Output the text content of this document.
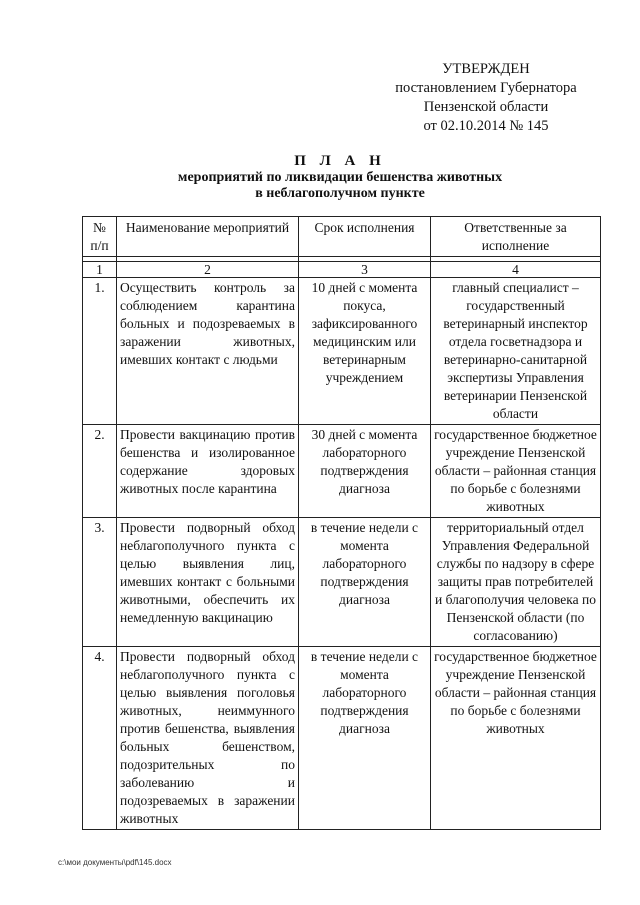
УТВЕРЖДЕН
постановлением Губернатора
Пензенской области
от 02.10.2014 № 145
П Л А Н
мероприятий по ликвидации бешенства животных
в неблагополучном пункте
№ п/п	Наименование мероприятий	Срок исполнения	Ответственные за исполнение

1	2	3	4
1.	Осуществить контроль за соблюдением карантина больных и подозреваемых в заражении животных, имевших контакт с людьми	10 дней с момента покуса, зафиксированного медицинским или ветеринарным учреждением	главный специалист – государственный ветеринарный инспектор отдела госветнадзора и ветеринарно-санитарной экспертизы Управления ветеринарии Пензенской области
2.	Провести вакцинацию против бешенства и изолированное содержание здоровых животных после карантина	30 дней с момента лабораторного подтверждения диагноза	государственное бюджетное учреждение Пензенской области – районная станция по борьбе с болезнями животных
3.	Провести подворный обход неблагополучного пункта с целью выявления лиц, имевших контакт с больными животными, обеспечить их немедленную вакцинацию	в течение недели с момента лабораторного подтверждения диагноза	территориальный отдел Управления Федеральной службы по надзору в сфере защиты прав потребителей и благополучия человека по Пензенской области (по согласованию)
4.	Провести подворный обход неблагополучного пункта с целью выявления поголовья животных, неиммунного против бешенства, выявления больных бешенством, подозрительных по заболеванию и подозреваемых в заражении животных	в течение недели с момента лабораторного подтверждения диагноза	государственное бюджетное учреждение Пензенской области – районная станция по борьбе с болезнями животных
c:\мои документы\pdf\145.docx
